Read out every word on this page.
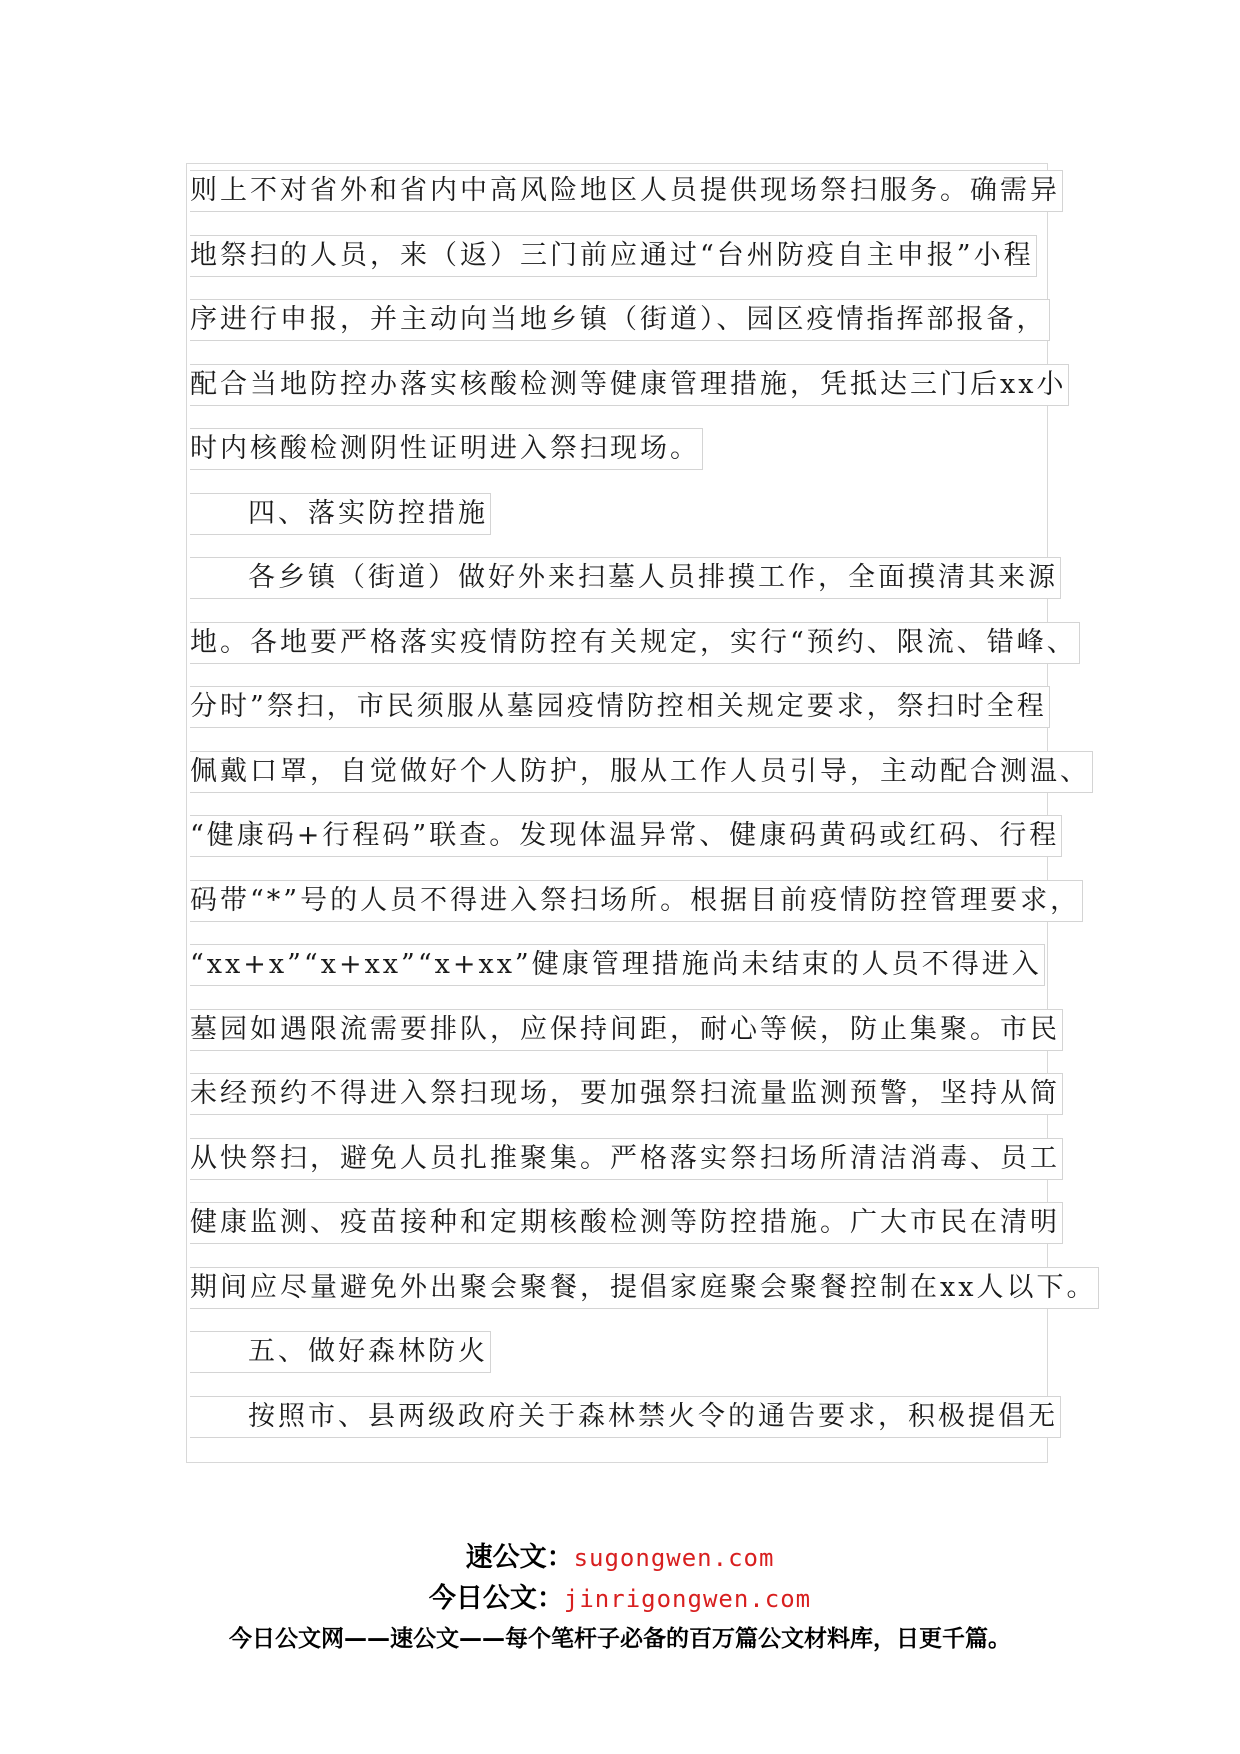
则上不对省外和省内中高风险地区人员提供现场祭扫服务。确需异
地祭扫的人员，来（返）三门前应通过“台州防疫自主申报”小程
序进行申报，并主动向当地乡镇（街道）、园区疫情指挥部报备，
配合当地防控办落实核酸检测等健康管理措施，凭抵达三门后xx小
时内核酸检测阴性证明进入祭扫现场。
四、落实防控措施
各乡镇（街道）做好外来扫墓人员排摸工作，全面摸清其来源
地。各地要严格落实疫情防控有关规定，实行“预约、限流、错峰、
分时”祭扫，市民须服从墓园疫情防控相关规定要求，祭扫时全程
佩戴口罩，自觉做好个人防护，服从工作人员引导，主动配合测温、
“健康码+行程码”联查。发现体温异常、健康码黄码或红码、行程
码带“*”号的人员不得进入祭扫场所。根据目前疫情防控管理要求，
“xx+x”“x+xx”“x+xx”健康管理措施尚未结束的人员不得进入
墓园如遇限流需要排队，应保持间距，耐心等候，防止集聚。市民
未经预约不得进入祭扫现场，要加强祭扫流量监测预警，坚持从简
从快祭扫，避免人员扎推聚集。严格落实祭扫场所清洁消毒、员工
健康监测、疫苗接种和定期核酸检测等防控措施。广大市民在清明
期间应尽量避免外出聚会聚餐，提倡家庭聚会聚餐控制在xx人以下。
五、做好森林防火
按照市、县两级政府关于森林禁火令的通告要求，积极提倡无
速公文：sugongwen.com
今日公文：jinrigongwen.com
今日公文网——速公文——每个笔杆子必备的百万篇公文材料库，日更千篇。
